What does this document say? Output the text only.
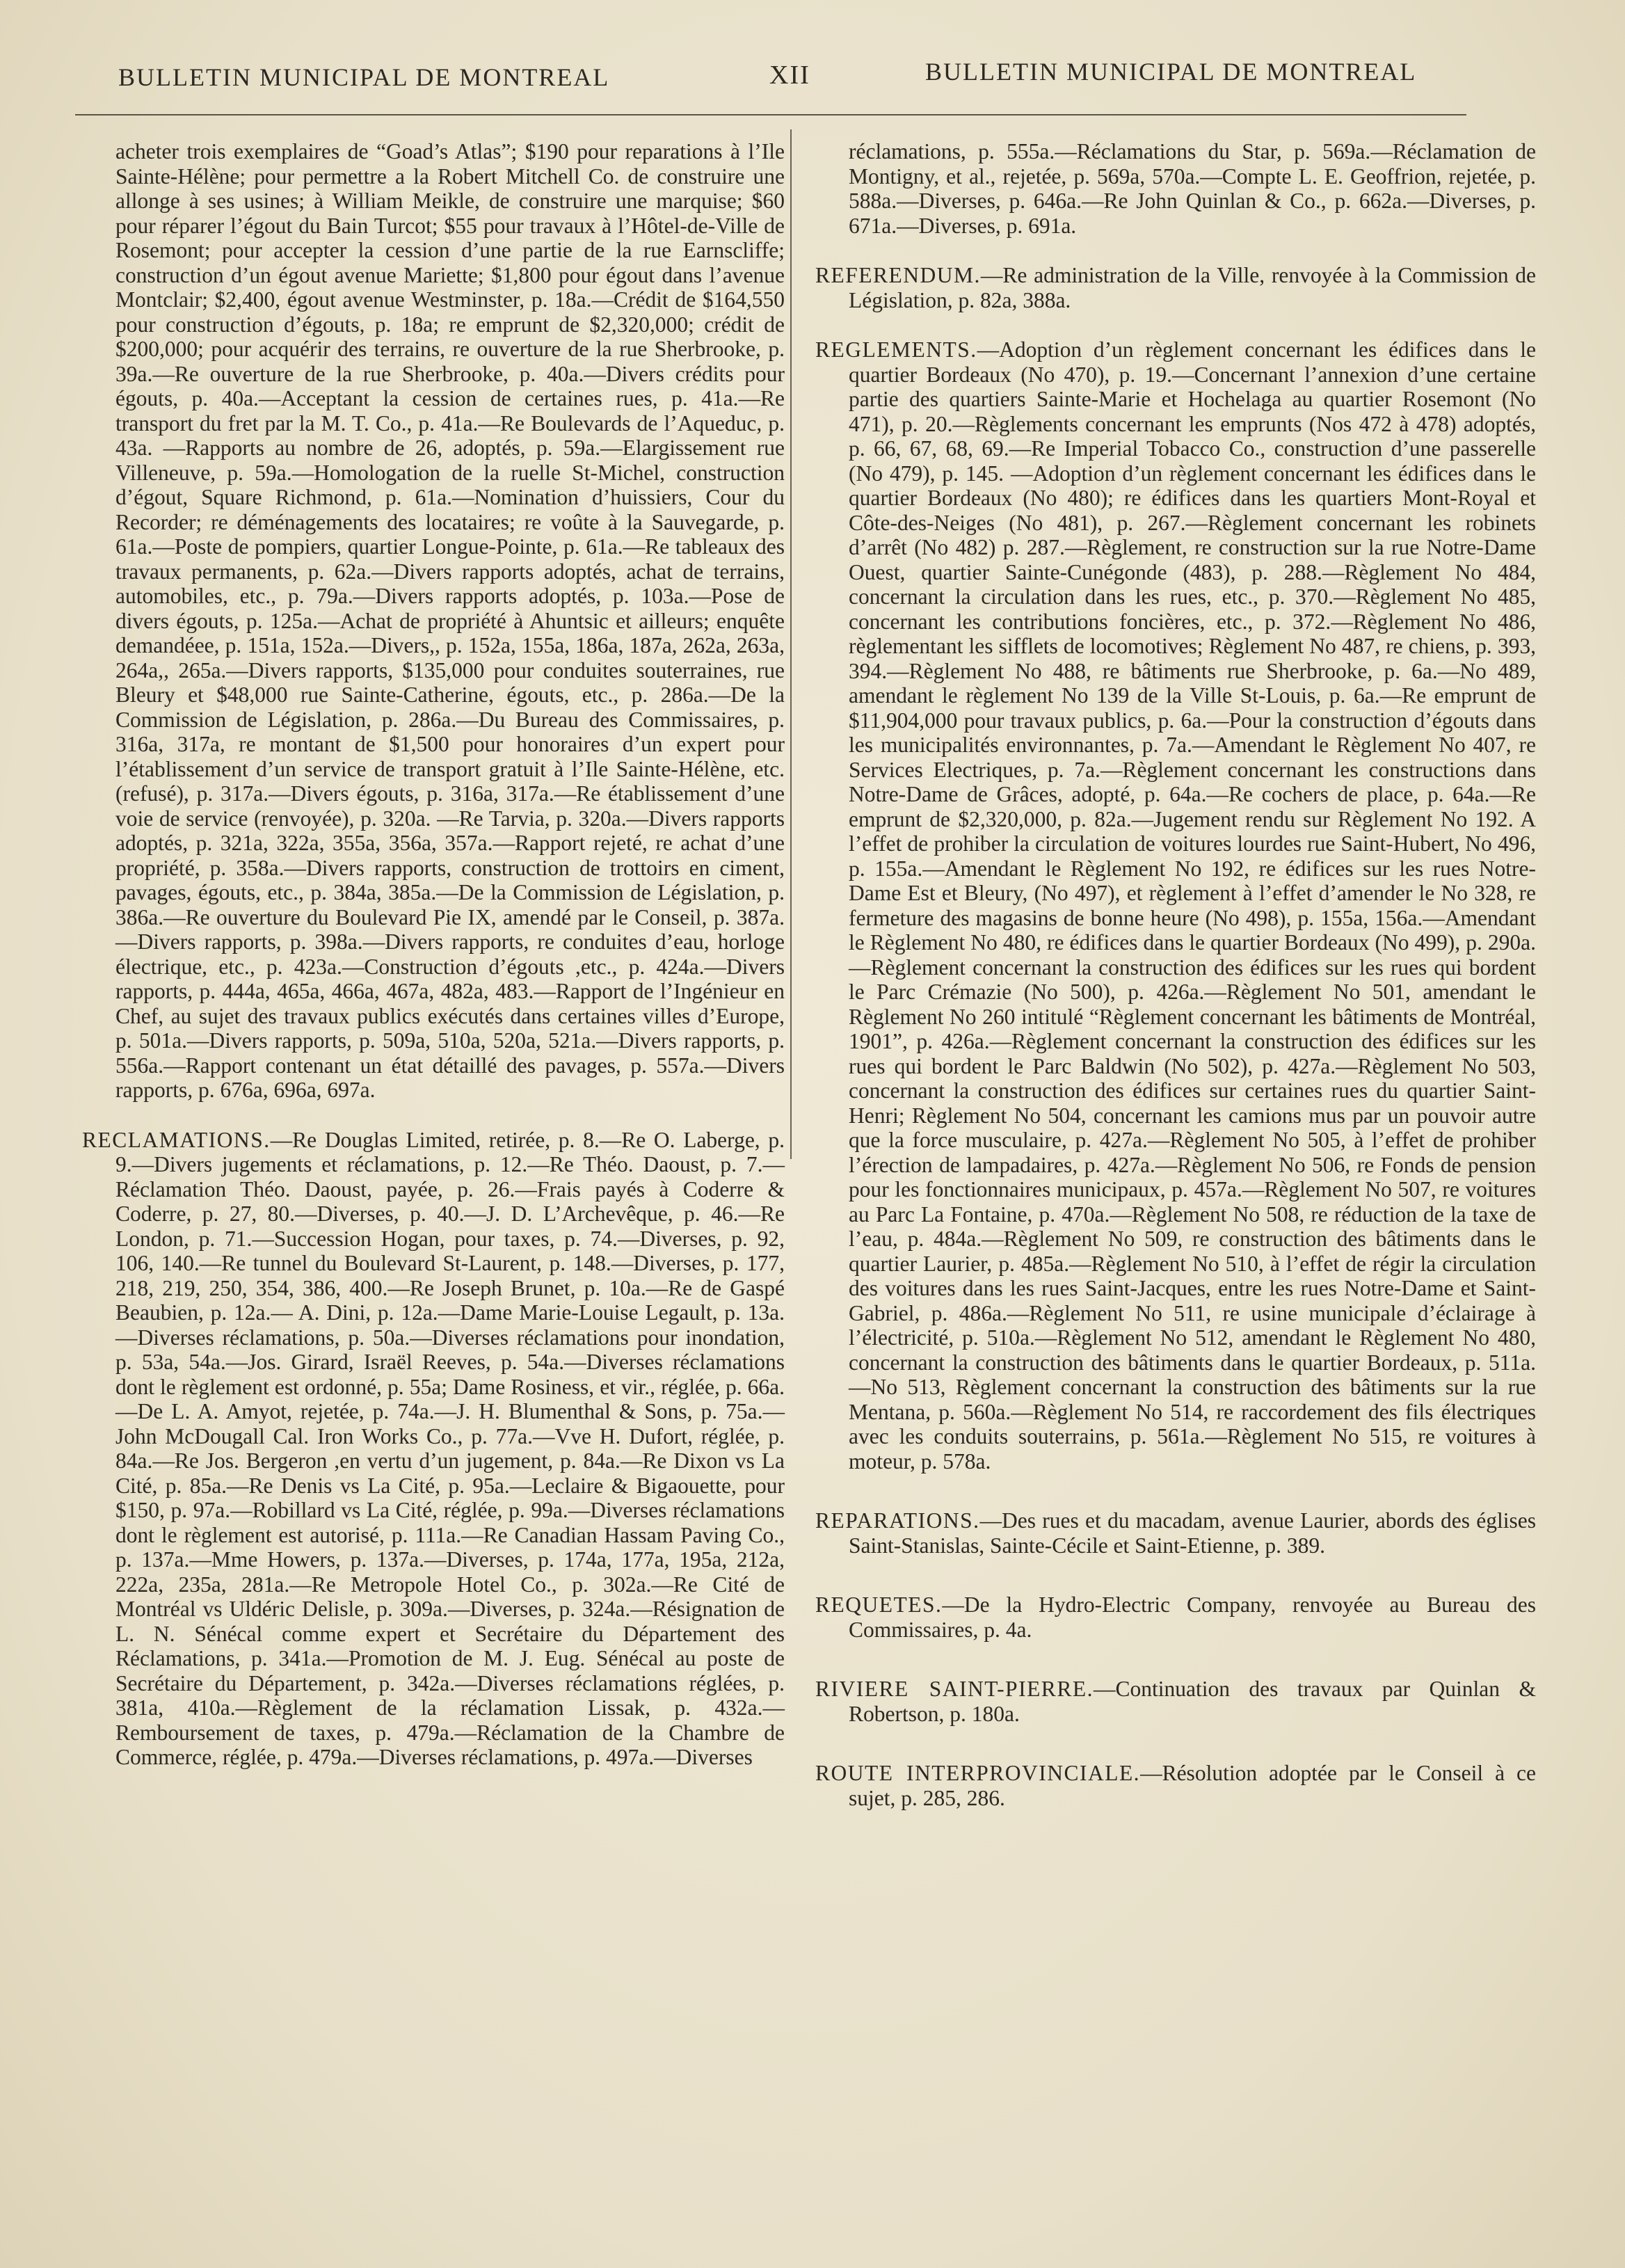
BULLETIN MUNICIPAL DE MONTREAL	XII	BULLETIN MUNICIPAL DE MONTREAL

acheter trois exemplaires de “Goad’s Atlas”; $190 pour reparations à l’Ile Sainte-Hélène; pour permettre a la Robert Mitchell Co. de construire une allonge à ses usines; à William Meikle, de construire une marquise; $60 pour réparer l’égout du Bain Turcot; $55 pour travaux à l’Hôtel-de-Ville de Rosemont; pour accepter la cession d’une partie de la rue Earnscliffe; construction d’un égout avenue Mariette; $1,800 pour égout dans l’avenue Montclair; $2,400, égout avenue Westminster, p. 18a.—Crédit de $164,550 pour construction d’égouts, p. 18a; re emprunt de $2,320,000; crédit de $200,000; pour acquérir des terrains, re ouverture de la rue Sherbrooke, p. 39a.—Re ouverture de la rue Sherbrooke, p. 40a.—Divers crédits pour égouts, p. 40a.—Acceptant la cession de certaines rues, p. 41a.—Re transport du fret par la M. T. Co., p. 41a.—Re Boulevards de l’Aqueduc, p. 43a. —Rapports au nombre de 26, adoptés, p. 59a.—Elargissement rue Villeneuve, p. 59a.—Homologation de la ruelle St-Michel, construction d’égout, Square Richmond, p. 61a.—Nomination d’huissiers, Cour du Recorder; re déménagements des locataires; re voûte à la Sauvegarde, p. 61a.—Poste de pompiers, quartier Longue-Pointe, p. 61a.—Re tableaux des travaux permanents, p. 62a.—Divers rapports adoptés, achat de terrains, automobiles, etc., p. 79a.—Divers rapports adoptés, p. 103a.—Pose de divers égouts, p. 125a.—Achat de propriété à Ahuntsic et ailleurs; enquête demandéee, p. 151a, 152a.—Divers,, p. 152a, 155a, 186a, 187a, 262a, 263a, 264a,, 265a.—Divers rapports, $135,000 pour conduites souterraines, rue Bleury et $48,000 rue Sainte-Catherine, égouts, etc., p. 286a.—De la Commission de Législation, p. 286a.—Du Bureau des Commissaires, p. 316a, 317a, re montant de $1,500 pour honoraires d’un expert pour l’établissement d’un service de transport gratuit à l’Ile Sainte-Hélène, etc. (refusé), p. 317a.—Divers égouts, p. 316a, 317a.—Re établissement d’une voie de service (renvoyée), p. 320a. —Re Tarvia, p. 320a.—Divers rapports adoptés, p. 321a, 322a, 355a, 356a, 357a.—Rapport rejeté, re achat d’une propriété, p. 358a.—Divers rapports, construction de trottoirs en ciment, pavages, égouts, etc., p. 384a, 385a.—De la Commission de Législation, p. 386a.—Re ouverture du Boulevard Pie IX, amendé par le Conseil, p. 387a.—Divers rapports, p. 398a.—Divers rapports, re conduites d’eau, horloge électrique, etc., p. 423a.—Construction d’égouts ,etc., p. 424a.—Divers rapports, p. 444a, 465a, 466a, 467a, 482a, 483.—Rapport de l’Ingénieur en Chef, au sujet des travaux publics exécutés dans certaines villes d’Europe, p. 501a.—Divers rapports, p. 509a, 510a, 520a, 521a.—Divers rapports, p. 556a.—Rapport contenant un état détaillé des pavages, p. 557a.—Divers rapports, p. 676a, 696a, 697a.

RECLAMATIONS.—Re Douglas Limited, retirée, p. 8.—Re O. Laberge, p. 9.—Divers jugements et réclamations, p. 12.—Re Théo. Daoust, p. 7.—Réclamation Théo. Daoust, payée, p. 26.—Frais payés à Coderre & Coderre, p. 27, 80.—Diverses, p. 40.—J. D. L’Archevêque, p. 46.—Re London, p. 71.—Succession Hogan, pour taxes, p. 74.—Diverses, p. 92, 106, 140.—Re tunnel du Boulevard St-Laurent, p. 148.—Diverses, p. 177, 218, 219, 250, 354, 386, 400.—Re Joseph Brunet, p. 10a.—Re de Gaspé Beaubien, p. 12a.— A. Dini, p. 12a.—Dame Marie-Louise Legault, p. 13a.—Diverses réclamations, p. 50a.—Diverses réclamations pour inondation, p. 53a, 54a.—Jos. Girard, Israël Reeves, p. 54a.—Diverses réclamations dont le règlement est ordonné, p. 55a; Dame Rosiness, et vir., réglée, p. 66a.—De L. A. Amyot, rejetée, p. 74a.—J. H. Blumenthal & Sons, p. 75a.—John McDougall Cal. Iron Works Co., p. 77a.—Vve H. Dufort, réglée, p. 84a.—Re Jos. Bergeron ,en vertu d’un jugement, p. 84a.—Re Dixon vs La Cité, p. 85a.—Re Denis vs La Cité, p. 95a.—Leclaire & Bigaouette, pour $150, p. 97a.—Robillard vs La Cité, réglée, p. 99a.—Diverses réclamations dont le règlement est autorisé, p. 111a.—Re Canadian Hassam Paving Co., p. 137a.—Mme Howers, p. 137a.—Diverses, p. 174a, 177a, 195a, 212a, 222a, 235a, 281a.—Re Metropole Hotel Co., p. 302a.—Re Cité de Montréal vs Uldéric Delisle, p. 309a.—Diverses, p. 324a.—Résignation de L. N. Sénécal comme expert et Secrétaire du Département des Réclamations, p. 341a.—Promotion de M. J. Eug. Sénécal au poste de Secrétaire du Département, p. 342a.—Diverses réclamations réglées, p. 381a, 410a.—Règlement de la réclamation Lissak, p. 432a.—Remboursement de taxes, p. 479a.—Réclamation de la Chambre de Commerce, réglée, p. 479a.—Diverses réclamations, p. 497a.—Diverses

réclamations, p. 555a.—Réclamations du Star, p. 569a.—Réclamation de Montigny, et al., rejetée, p. 569a, 570a.—Compte L. E. Geoffrion, rejetée, p. 588a.—Diverses, p. 646a.—Re John Quinlan & Co., p. 662a.—Diverses, p. 671a.—Diverses, p. 691a.

REFERENDUM.—Re administration de la Ville, renvoyée à la Commission de Législation, p. 82a, 388a.

REGLEMENTS.—Adoption d’un règlement concernant les édifices dans le quartier Bordeaux (No 470), p. 19.—Concernant l’annexion d’une certaine partie des quartiers Sainte-Marie et Hochelaga au quartier Rosemont (No 471), p. 20.—Règlements concernant les emprunts (Nos 472 à 478) adoptés, p. 66, 67, 68, 69.—Re Imperial Tobacco Co., construction d’une passerelle (No 479), p. 145. —Adoption d’un règlement concernant les édifices dans le quartier Bordeaux (No 480); re édifices dans les quartiers Mont-Royal et Côte-des-Neiges (No 481), p. 267.—Règlement concernant les robinets d’arrêt (No 482) p. 287.—Règlement, re construction sur la rue Notre-Dame Ouest, quartier Sainte-Cunégonde (483), p. 288.—Règlement No 484, concernant la circulation dans les rues, etc., p. 370.—Règlement No 485, concernant les contributions foncières, etc., p. 372.—Règlement No 486, règlementant les sifflets de locomotives; Règlement No 487, re chiens, p. 393, 394.—Règlement No 488, re bâtiments rue Sherbrooke, p. 6a.—No 489, amendant le règlement No 139 de la Ville St-Louis, p. 6a.—Re emprunt de $11,904,000 pour travaux publics, p. 6a.—Pour la construction d’égouts dans les municipalités environnantes, p. 7a.—Amendant le Règlement No 407, re Services Electriques, p. 7a.—Règlement concernant les constructions dans Notre-Dame de Grâces, adopté, p. 64a.—Re cochers de place, p. 64a.—Re emprunt de $2,320,000, p. 82a.—Jugement rendu sur Règlement No 192. A l’effet de prohiber la circulation de voitures lourdes rue Saint-Hubert, No 496, p. 155a.—Amendant le Règlement No 192, re édifices sur les rues Notre-Dame Est et Bleury, (No 497), et règlement à l’effet d’amender le No 328, re fermeture des magasins de bonne heure (No 498), p. 155a, 156a.—Amendant le Règlement No 480, re édifices dans le quartier Bordeaux (No 499), p. 290a.—Règlement concernant la construction des édifices sur les rues qui bordent le Parc Crémazie (No 500), p. 426a.—Règlement No 501, amendant le Règlement No 260 intitulé “Règlement concernant les bâtiments de Montréal, 1901”, p. 426a.—Règlement concernant la construction des édifices sur les rues qui bordent le Parc Baldwin (No 502), p. 427a.—Règlement No 503, concernant la construction des édifices sur certaines rues du quartier Saint-Henri; Règlement No 504, concernant les camions mus par un pouvoir autre que la force musculaire, p. 427a.—Règlement No 505, à l’effet de prohiber l’érection de lampadaires, p. 427a.—Règlement No 506, re Fonds de pension pour les fonctionnaires municipaux, p. 457a.—Règlement No 507, re voitures au Parc La Fontaine, p. 470a.—Règlement No 508, re réduction de la taxe de l’eau, p. 484a.—Règlement No 509, re construction des bâtiments dans le quartier Laurier, p. 485a.—Règlement No 510, à l’effet de régir la circulation des voitures dans les rues Saint-Jacques, entre les rues Notre-Dame et Saint-Gabriel, p. 486a.—Règlement No 511, re usine municipale d’éclairage à l’électricité, p. 510a.—Règlement No 512, amendant le Règlement No 480, concernant la construction des bâtiments dans le quartier Bordeaux, p. 511a.—No 513, Règlement concernant la construction des bâtiments sur la rue Mentana, p. 560a.—Règlement No 514, re raccordement des fils électriques avec les conduits souterrains, p. 561a.—Règlement No 515, re voitures à moteur, p. 578a.

REPARATIONS.—Des rues et du macadam, avenue Laurier, abords des églises Saint-Stanislas, Sainte-Cécile et Saint-Etienne, p. 389.

REQUETES.—De la Hydro-Electric Company, renvoyée au Bureau des Commissaires, p. 4a.

RIVIERE SAINT-PIERRE.—Continuation des travaux par Quinlan & Robertson, p. 180a.

ROUTE INTERPROVINCIALE.—Résolution adoptée par le Conseil à ce sujet, p. 285, 286.
